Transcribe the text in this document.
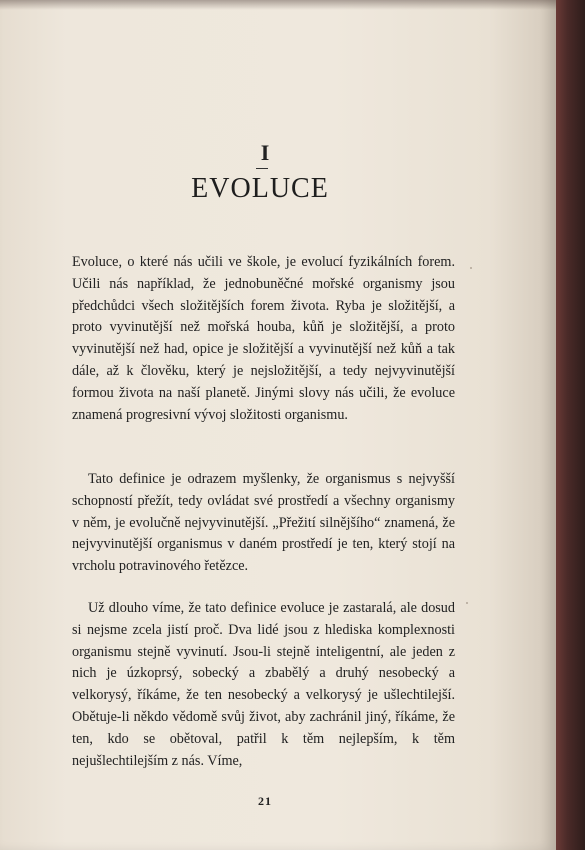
I
EVOLUCE

Evoluce, o které nás učili ve škole, je evolucí fyzikálních forem. Učili nás například, že jednobuněčné mořské organismy jsou předchůdci všech složitějších forem života. Ryba je složitější, a proto vyvinutější než mořská houba, kůň je složitější, a proto vyvinutější než had, opice je složitější a vyvinutější než kůň a tak dále, až k člověku, který je nejsložitější, a tedy nejvyvinutější formou života na naší planetě. Jinými slovy nás učili, že evoluce znamená progresivní vývoj složitosti organismu.

Tato definice je odrazem myšlenky, že organismus s nejvyšší schopností přežít, tedy ovládat své prostředí a všechny organismy v něm, je evolučně nejvyvinutější. „Přežití silnějšího“ znamená, že nejvyvinutější organismus v daném prostředí je ten, který stojí na vrcholu potravinového řetězce.

Už dlouho víme, že tato definice evoluce je zastaralá, ale dosud si nejsme zcela jistí proč. Dva lidé jsou z hlediska komplexnosti organismu stejně vyvinutí. Jsou-li stejně inteligentní, ale jeden z nich je úzkoprsý, sobecký a zbabělý a druhý nesobecký a velkorysý, říkáme, že ten nesobecký a velkorysý je ušlechtilejší. Obětuje-li někdo vědomě svůj život, aby zachránil jiný, říkáme, že ten, kdo se obětoval, patřil k těm nejlepším, k těm nejušlechtilejším z nás. Víme,

21
